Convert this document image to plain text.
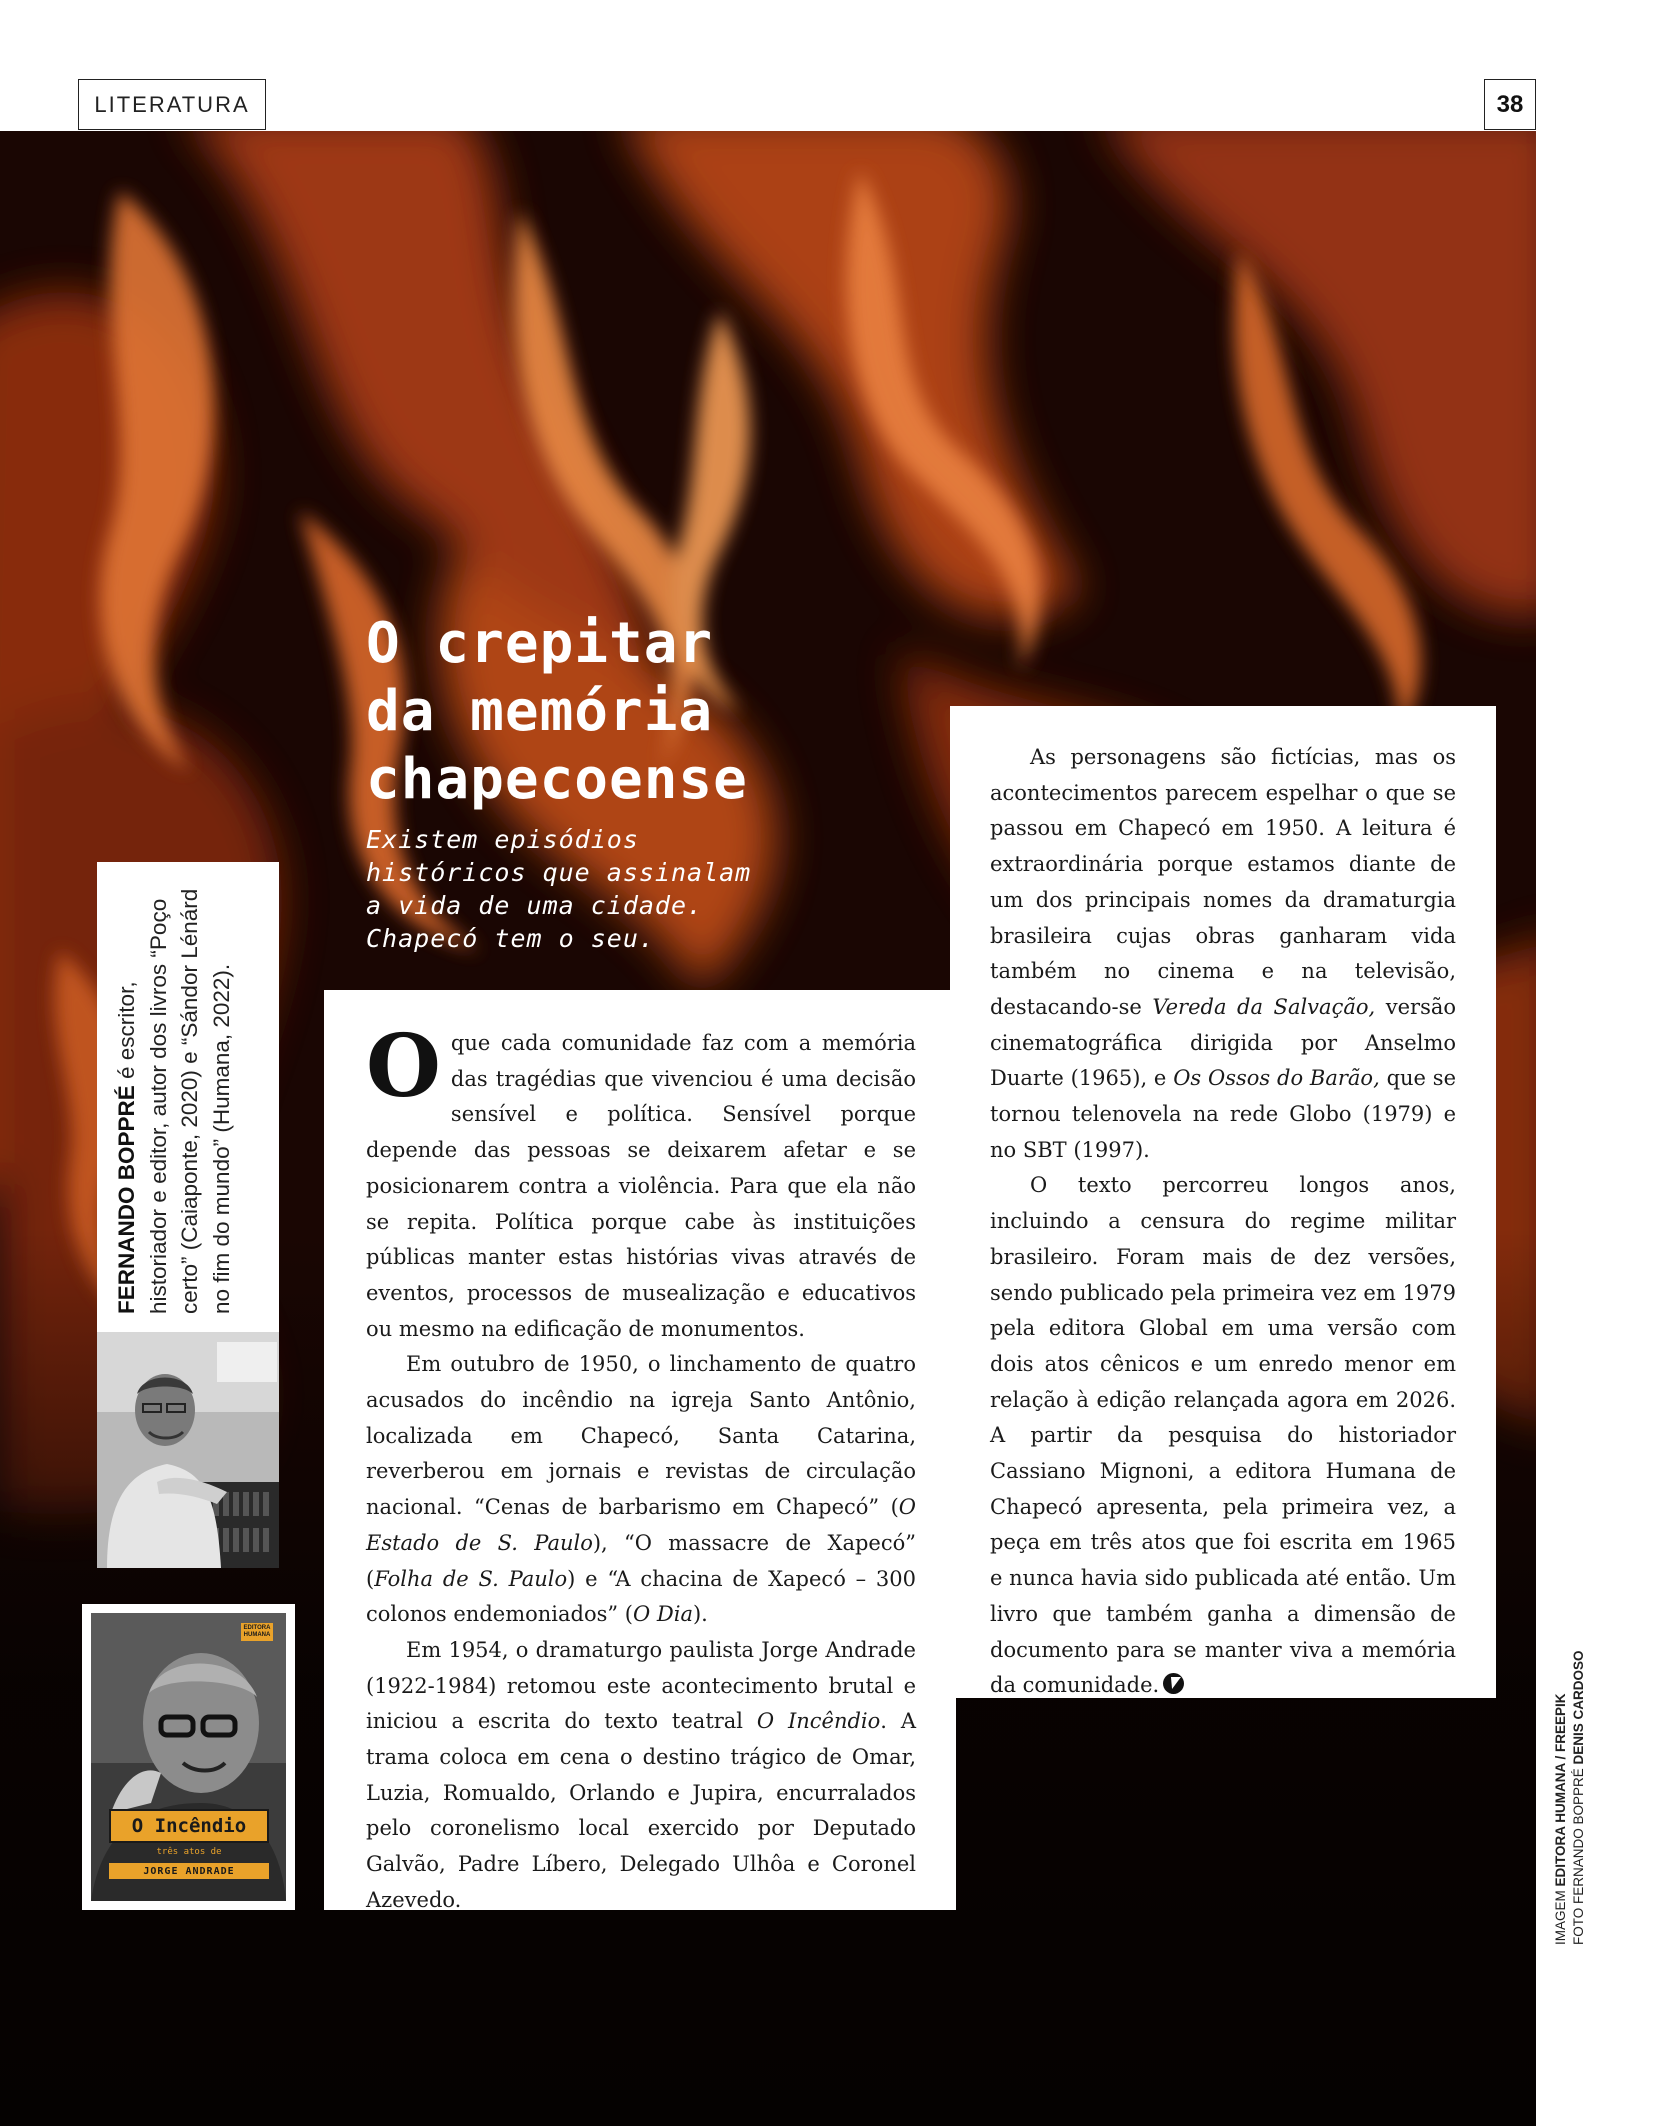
LITERATURA	38
O crepitar
da memória
chapecoense

Existem episódios
históricos que assinalam
a vida de uma cidade.
Chapecó tem o seu.

FERNANDO BOPPRÉ é escritor, historiador e editor, autor dos livros “Poço certo” (Caiaponte, 2020) e “Sándor Lénárd no fim do mundo” (Humana, 2022).
EDITORA HUMANA
O Incêndio
três atos de
JORGE ANDRADE

Oque cada comunidade faz com a memória das tragédias que vivenciou é uma decisão sensível e política. Sensível porque depende das pessoas se deixarem afetar e se posicionarem contra a violência. Para que ela não se repita. Política porque cabe às instituições públicas manter estas histórias vivas através de eventos, processos de musealização e educativos ou mesmo na edificação de monumentos.

Em outubro de 1950, o linchamento de quatro acusados do incêndio na igreja Santo Antônio, localizada em Chapecó, Santa Catarina, reverberou em jornais e revistas de circulação nacional. “Cenas de barbarismo em Chapecó” (O Estado de S. Paulo), “O massacre de Xapecó” (Folha de S. Paulo) e “A chacina de Xapecó – 300 colonos endemoniados” (O Dia).

Em 1954, o dramaturgo paulista Jorge Andrade (1922-1984) retomou este acontecimento brutal e iniciou a escrita do texto teatral O Incêndio. A trama coloca em cena o destino trágico de Omar, Luzia, Romualdo, Orlando e Jupira, encurralados pelo coronelismo local exercido por Deputado Galvão, Padre Líbero, Delegado Ulhôa e Coronel Azevedo.

As personagens são fictícias, mas os acontecimentos parecem espelhar o que se passou em Chapecó em 1950. A leitura é extraordinária porque estamos diante de um dos principais nomes da dramaturgia brasileira cujas obras ganharam vida também no cinema e na televisão, destacando-se Vereda da Salvação, versão cinematográfica dirigida por Anselmo Duarte (1965), e Os Ossos do Barão, que se tornou telenovela na rede Globo (1979) e no SBT (1997).

O texto percorreu longos anos, incluindo a censura do regime militar brasileiro. Foram mais de dez versões, sendo publicado pela primeira vez em 1979 pela editora Global em uma versão com dois atos cênicos e um enredo menor em relação à edição relançada agora em 2026. A partir da pesquisa do historiador Cassiano Mignoni, a editora Humana de Chapecó apresenta, pela primeira vez, a peça em três atos que foi escrita em 1965 e nunca havia sido publicada até então. Um livro que também ganha a dimensão de documento para se manter viva a memória da comunidade.

IMAGEM EDITORA HUMANA / FREEPIK FOTO FERNANDO BOPPRÉ DENIS CARDOSO
